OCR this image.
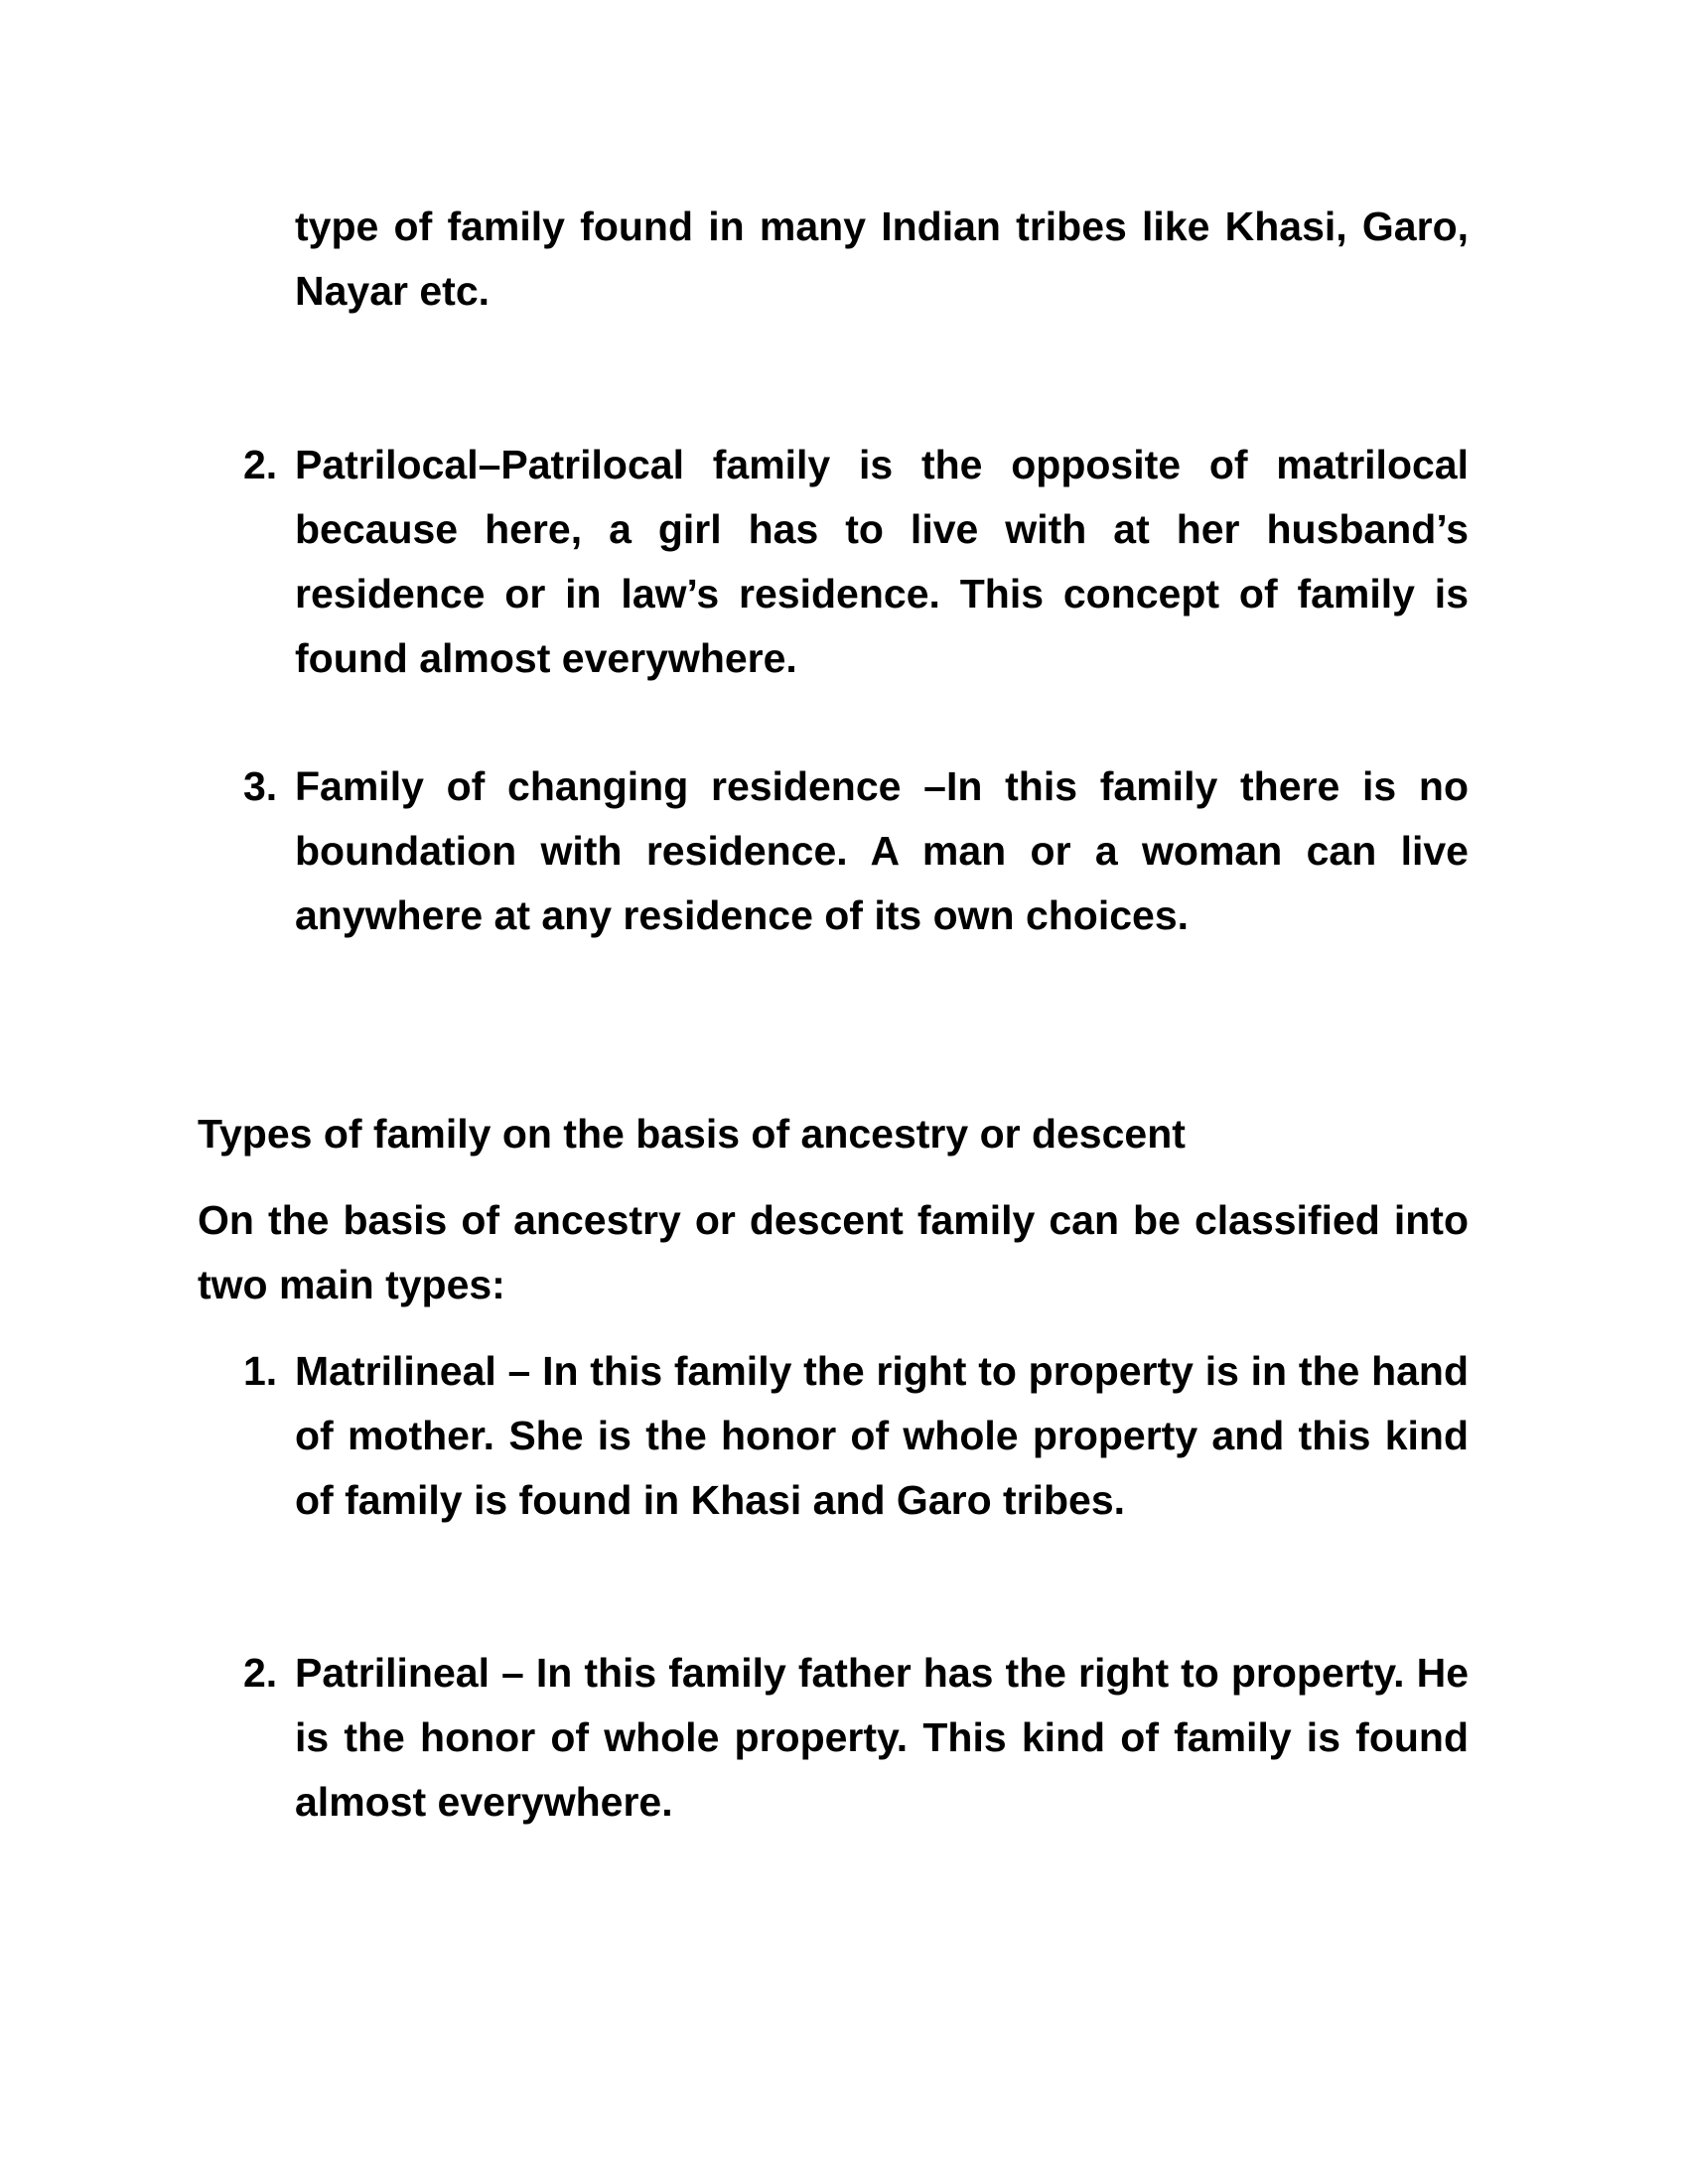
type of family found in many Indian tribes like Khasi, Garo, Nayar etc.

2. Patrilocal–Patrilocal family is the opposite of matrilocal because here, a girl has to live with at her husband’s residence or in law’s residence. This concept of family is found almost everywhere.

3. Family of changing residence –In this family there is no boundation with residence. A man or a woman can live anywhere at any residence of its own choices.

Types of family on the basis of ancestry or descent

On the basis of ancestry or descent family can be classified into two main types:

1. Matrilineal – In this family the right to property is in the hand of mother. She is the honor of whole property and this kind of family is found in Khasi and Garo tribes.

2. Patrilineal – In this family father has the right to property. He is the honor of whole property. This kind of family is found almost everywhere.
